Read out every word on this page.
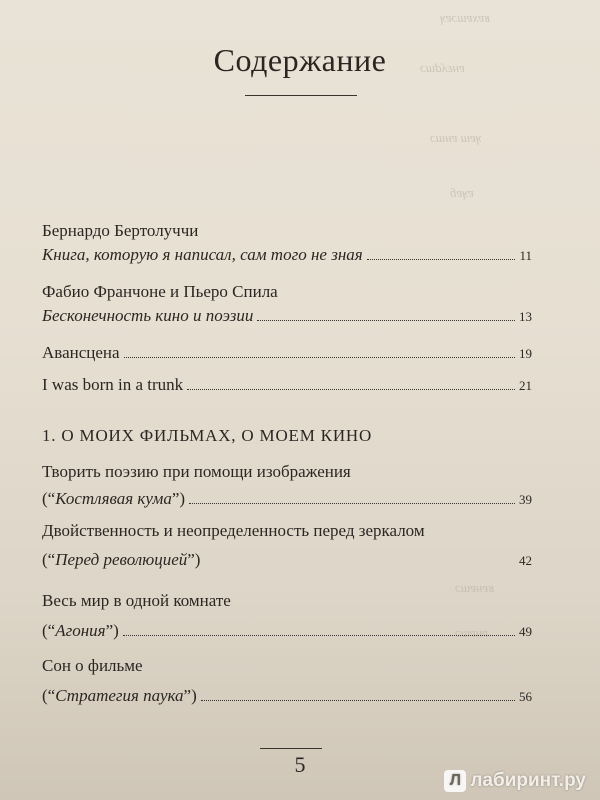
ʁɐxɐɯɔɐʞ
ɐнεʎdɯɔ
ʞɐɯ ɐнɯɔ
ɐʞɐɓ
ʁɐнɐɯɔ
ɐнɐɯɔ
Содержание
Бернардо Бертолуччи
Книга, которую я написал, сам того не зная	11
Фабио Франчоне и Пьеро Спила
Бесконечность кино и поэзии	13
Авансцена	19
I was born in a trunk	21
1. О МОИХ ФИЛЬМАХ, О МОЕМ КИНО
Творить поэзию при помощи изображения
(“Костлявая кума”)	39
Двойственность и неопределенность перед зеркалом
(“Перед революцией”)	42
Весь мир в одной комнате
(“Агония”)	49
Сон о фильме
(“Стратегия паука”)	56
5
Л лабиринт.ру
